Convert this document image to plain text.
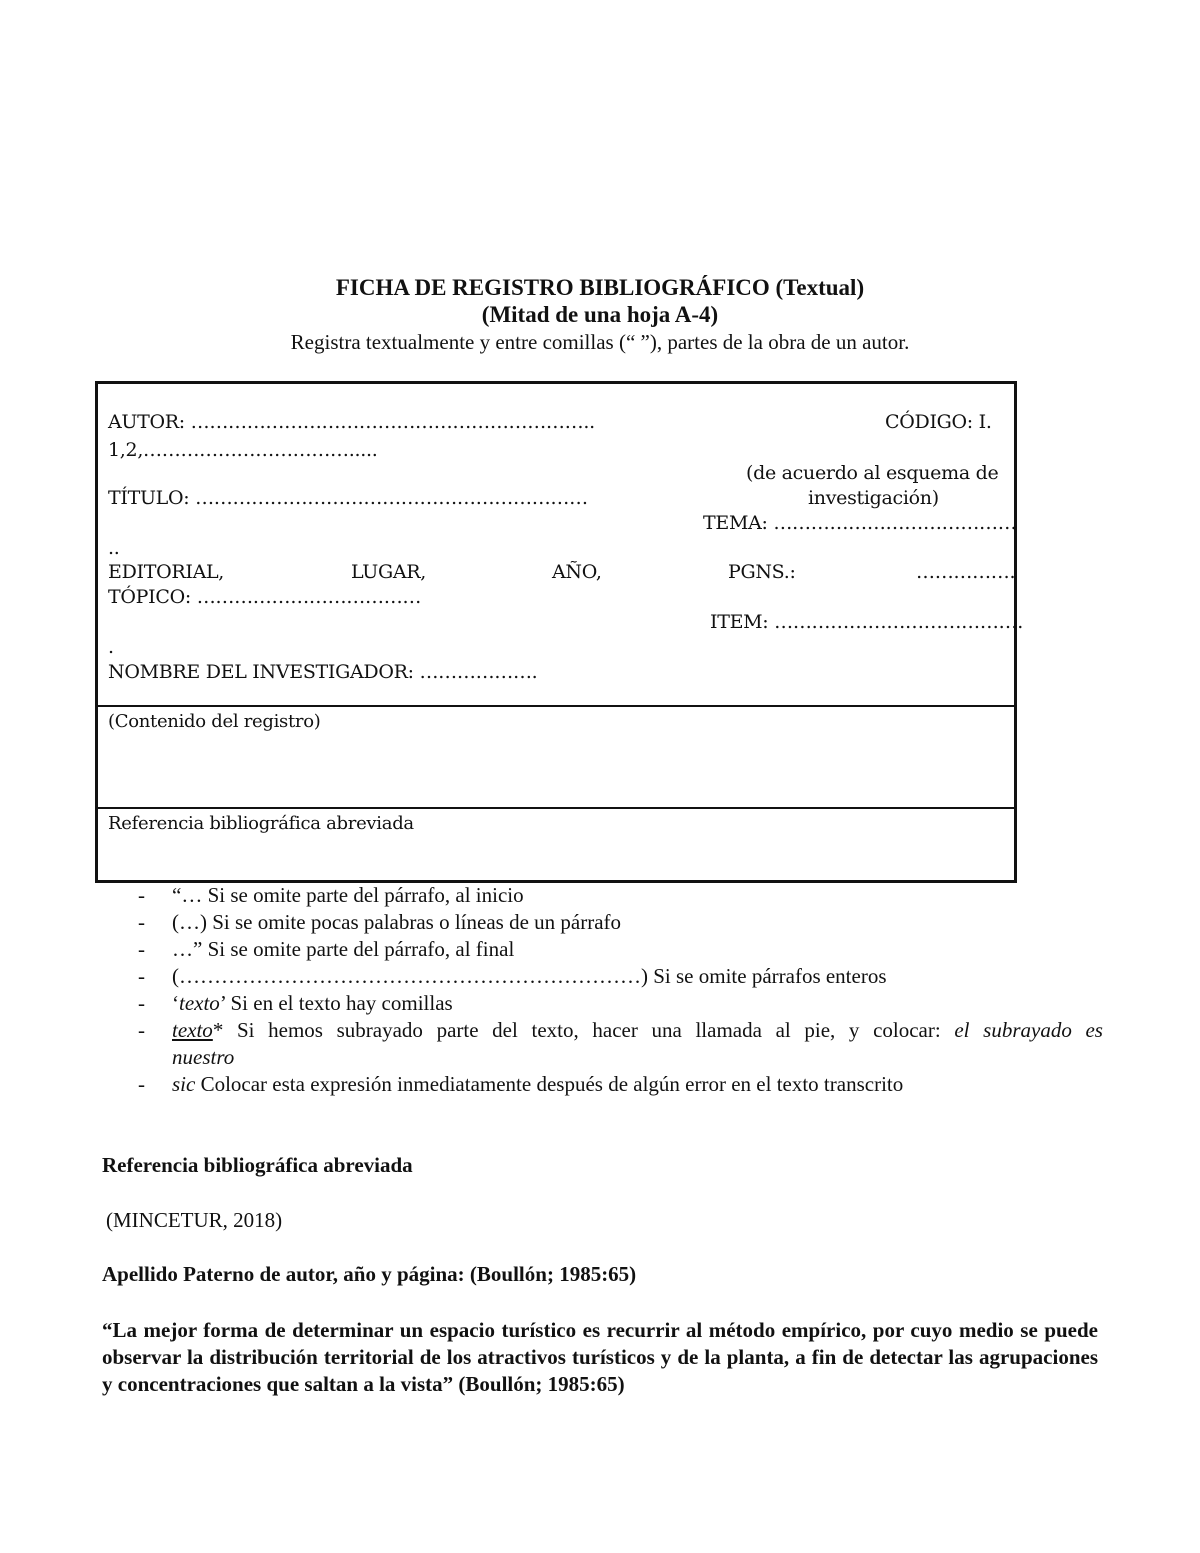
FICHA DE REGISTRO BIBLIOGRÁFICO (Textual)
(Mitad de una hoja A-4)
Registra textualmente y entre comillas (“ ”), partes de la obra de un autor.
AUTOR: ………………………………………………………..	CÓDIGO: I.
1,2,…………………………….....
(de acuerdo al esquema de
investigación)
TÍTULO: ………………………………………………………
TEMA: …………………………………
..
EDITORIAL,	LUGAR,	AÑO,	PGNS.:	…………….
TÓPICO: ………………………………
ITEM: ………………………………….
.
NOMBRE DEL INVESTIGADOR: ……………….
(Contenido del registro)
Referencia bibliográfica abreviada

- “… Si se omite parte del párrafo, al inicio

- (…) Si se omite pocas palabras o líneas de un párrafo

- …” Si se omite parte del párrafo, al final

- (…………………………………………………………) Si se omite párrafos enteros

- ‘texto’ Si en el texto hay comillas

- texto* Si hemos subrayado parte del texto, hacer una llamada al pie, y colocar: el subrayado es

nuestro

- sic Colocar esta expresión inmediatamente después de algún error en el texto transcrito

Referencia bibliográfica abreviada
(MINCETUR, 2018)
Apellido Paterno de autor, año y página: (Boullón; 1985:65)
“La mejor forma de determinar un espacio turístico es recurrir al método empírico, por cuyo medio se puede observar la distribución territorial de los atractivos turísticos y de la planta, a fin de detectar las agrupaciones y concentraciones que saltan a la vista” (Boullón; 1985:65)
